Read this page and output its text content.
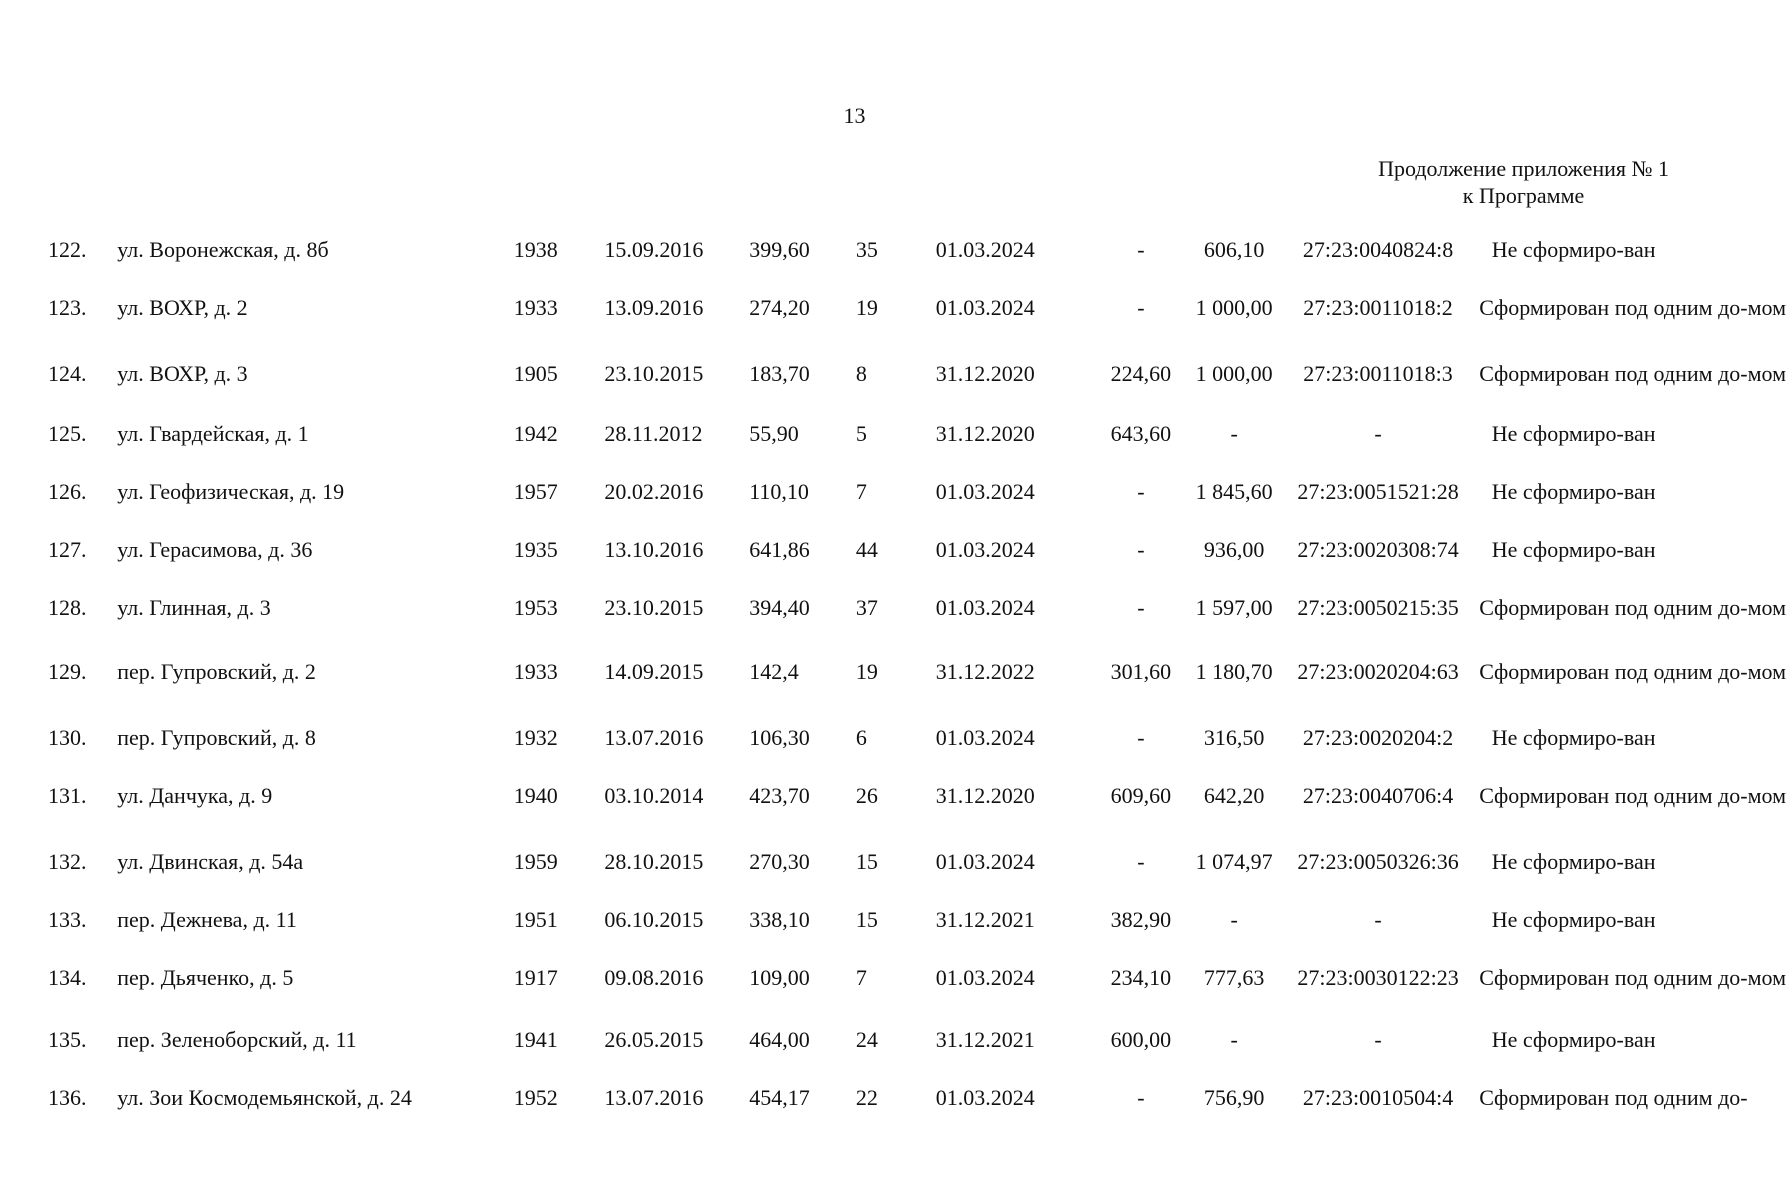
13
Продолжение приложения № 1
к Программе
122.	ул. Воронежская, д. 8б	1938	15.09.2016	399,60	35	01.03.2024	-	606,10	27:23:0040824:8	Не сформиро-ван
123.	ул. ВОХР, д. 2	1933	13.09.2016	274,20	19	01.03.2024	-	1 000,00	27:23:0011018:2	Сформирован под одним до-мом
124.	ул. ВОХР, д. 3	1905	23.10.2015	183,70	8	31.12.2020	224,60	1 000,00	27:23:0011018:3	Сформирован под одним до-мом
125.	ул. Гвардейская, д. 1	1942	28.11.2012	55,90	5	31.12.2020	643,60	-	-	Не сформиро-ван
126.	ул. Геофизическая, д. 19	1957	20.02.2016	110,10	7	01.03.2024	-	1 845,60	27:23:0051521:28	Не сформиро-ван
127.	ул. Герасимова, д. 36	1935	13.10.2016	641,86	44	01.03.2024	-	936,00	27:23:0020308:74	Не сформиро-ван
128.	ул. Глинная, д. 3	1953	23.10.2015	394,40	37	01.03.2024	-	1 597,00	27:23:0050215:35	Сформирован под одним до-мом
129.	пер. Гупровский, д. 2	1933	14.09.2015	142,4	19	31.12.2022	301,60	1 180,70	27:23:0020204:63	Сформирован под одним до-мом
130.	пер. Гупровский, д. 8	1932	13.07.2016	106,30	6	01.03.2024	-	316,50	27:23:0020204:2	Не сформиро-ван
131.	ул. Данчука, д. 9	1940	03.10.2014	423,70	26	31.12.2020	609,60	642,20	27:23:0040706:4	Сформирован под одним до-мом
132.	ул. Двинская, д. 54а	1959	28.10.2015	270,30	15	01.03.2024	-	1 074,97	27:23:0050326:36	Не сформиро-ван
133.	пер. Дежнева, д. 11	1951	06.10.2015	338,10	15	31.12.2021	382,90	-	-	Не сформиро-ван
134.	пер. Дьяченко, д. 5	1917	09.08.2016	109,00	7	01.03.2024	234,10	777,63	27:23:0030122:23	Сформирован под одним до-мом
135.	пер. Зеленоборский, д. 11	1941	26.05.2015	464,00	24	31.12.2021	600,00	-	-	Не сформиро-ван
136.	ул. Зои Космодемьянской, д. 24	1952	13.07.2016	454,17	22	01.03.2024	-	756,90	27:23:0010504:4	Сформирован под одним до-
